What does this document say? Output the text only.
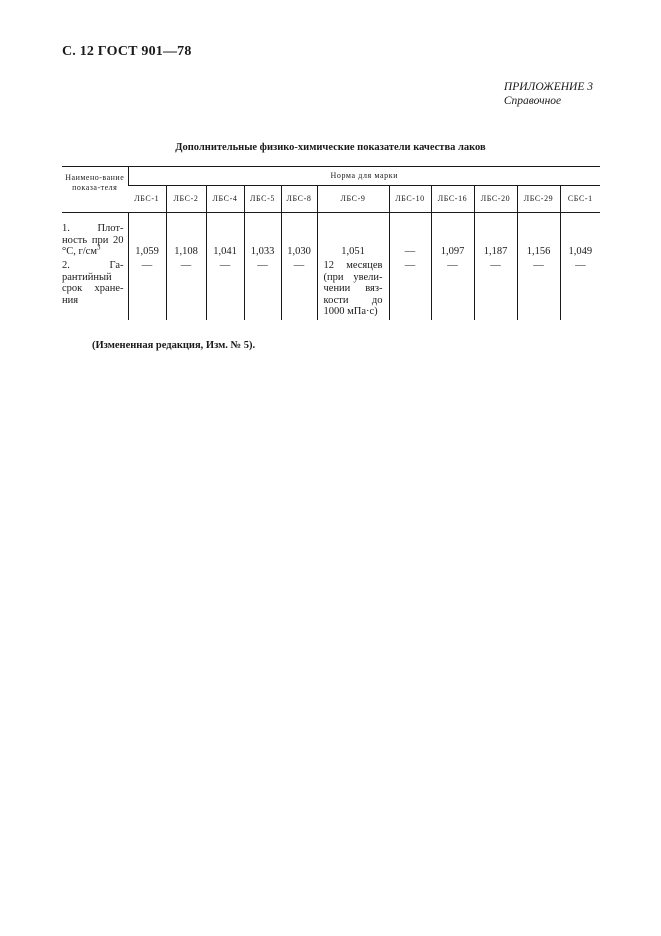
С. 12 ГОСТ 901—78
ПРИЛОЖЕНИЕ 3
Справочное
Дополнительные физико-химические показатели качества лаков
Наимено-вание показа-теля	Норма для марки										
	ЛБС-1	ЛБС-2	ЛБС-4	ЛБС-5	ЛБС-8	ЛБС-9	ЛБС-10	ЛБС-16	ЛБС-20	ЛБС-29	СБС-1
1. Плот-ность при 20 °С, $г/см^3$	1,059	1,108	1,041	1,033	1,030	1,051	—	1,097	1,187	1,156	1,049
2. Га-рантийный срок хране-ния	—	—	—	—	—	12 месяцев (при увели-чении вяз-кости до 1000 мПа·с)	—	—	—	—	—
(Измененная редакция, Изм. № 5).
